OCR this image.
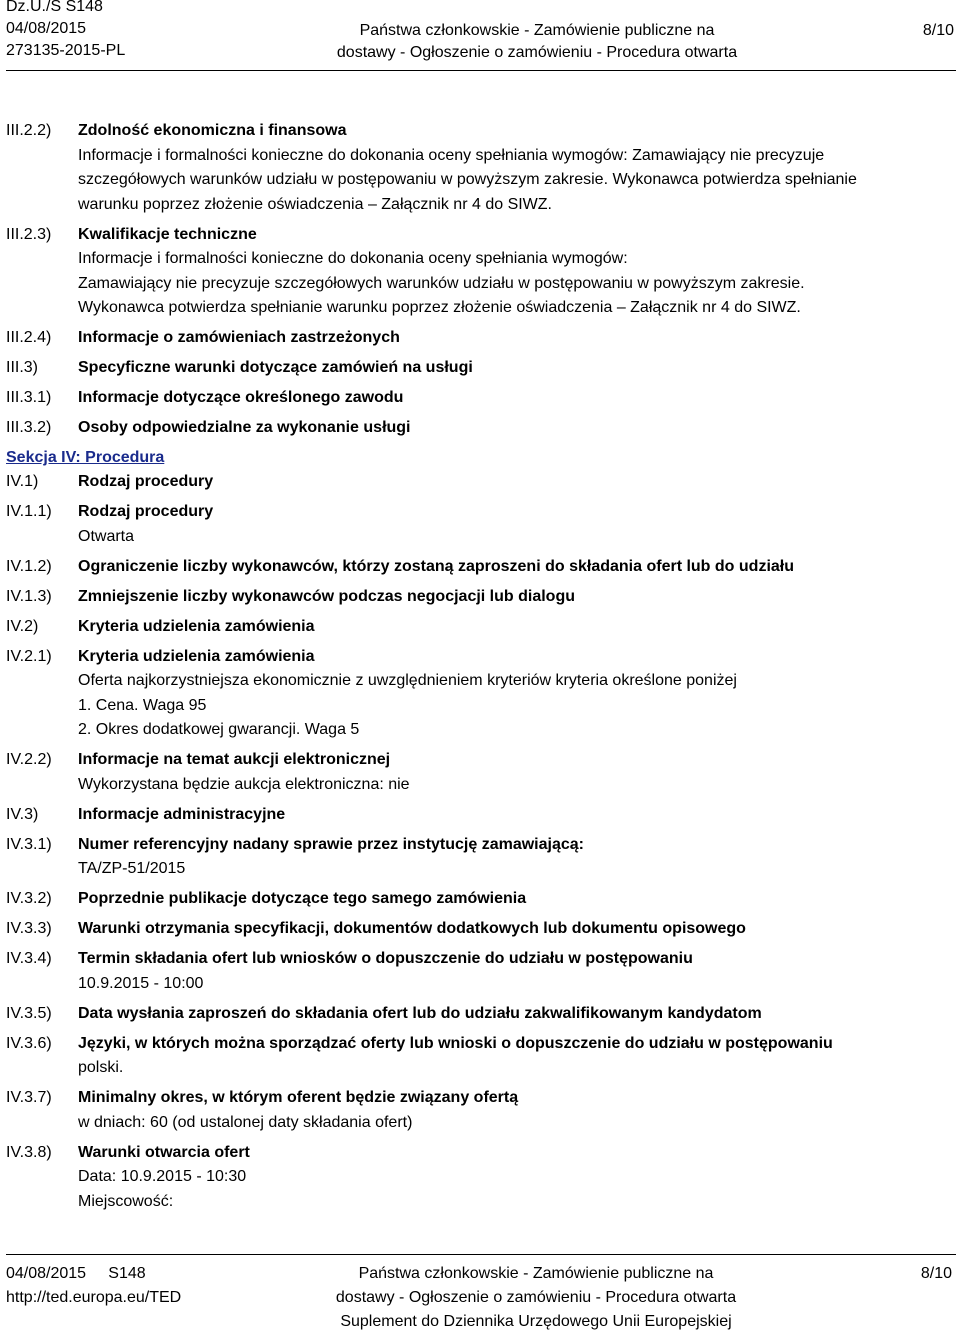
Dz.U./S S148
04/08/2015
273135-2015-PL
Państwa członkowskie - Zamówienie publiczne na
dostawy - Ogłoszenie o zamówieniu - Procedura otwarta
8/10
III.2.2) Zdolność ekonomiczna i finansowa
Informacje i formalności konieczne do dokonania oceny spełniania wymogów: Zamawiający nie precyzuje
szczegółowych warunków udziału w postępowaniu w powyższym zakresie. Wykonawca potwierdza spełnianie
warunku poprzez złożenie oświadczenia – Załącznik nr 4 do SIWZ.
III.2.3) Kwalifikacje techniczne
Informacje i formalności konieczne do dokonania oceny spełniania wymogów:
Zamawiający nie precyzuje szczegółowych warunków udziału w postępowaniu w powyższym zakresie.
Wykonawca potwierdza spełnianie warunku poprzez złożenie oświadczenia – Załącznik nr 4 do SIWZ.
III.2.4) Informacje o zamówieniach zastrzeżonych
III.3) Specyficzne warunki dotyczące zamówień na usługi
III.3.1) Informacje dotyczące określonego zawodu
III.3.2) Osoby odpowiedzialne za wykonanie usługi
Sekcja IV: Procedura
IV.1) Rodzaj procedury
IV.1.1) Rodzaj procedury
Otwarta
IV.1.2) Ograniczenie liczby wykonawców, którzy zostaną zaproszeni do składania ofert lub do udziału
IV.1.3) Zmniejszenie liczby wykonawców podczas negocjacji lub dialogu
IV.2) Kryteria udzielenia zamówienia
IV.2.1) Kryteria udzielenia zamówienia
Oferta najkorzystniejsza ekonomicznie z uwzględnieniem kryteriów kryteria określone poniżej
1. Cena. Waga 95
2. Okres dodatkowej gwarancji. Waga 5
IV.2.2) Informacje na temat aukcji elektronicznej
Wykorzystana będzie aukcja elektroniczna: nie
IV.3) Informacje administracyjne
IV.3.1) Numer referencyjny nadany sprawie przez instytucję zamawiającą:
TA/ZP-51/2015
IV.3.2) Poprzednie publikacje dotyczące tego samego zamówienia
IV.3.3) Warunki otrzymania specyfikacji, dokumentów dodatkowych lub dokumentu opisowego
IV.3.4) Termin składania ofert lub wniosków o dopuszczenie do udziału w postępowaniu
10.9.2015 - 10:00
IV.3.5) Data wysłania zaproszeń do składania ofert lub do udziału zakwalifikowanym kandydatom
IV.3.6) Języki, w których można sporządzać oferty lub wnioski o dopuszczenie do udziału w postępowaniu
polski.
IV.3.7) Minimalny okres, w którym oferent będzie związany ofertą
w dniach: 60 (od ustalonej daty składania ofert)
IV.3.8) Warunki otwarcia ofert
Data: 10.9.2015 - 10:30
Miejscowość:
04/08/2015     S148
http://ted.europa.eu/TED
Państwa członkowskie - Zamówienie publiczne na
dostawy - Ogłoszenie o zamówieniu - Procedura otwarta
Suplement do Dziennika Urzędowego Unii Europejskiej
8/10
